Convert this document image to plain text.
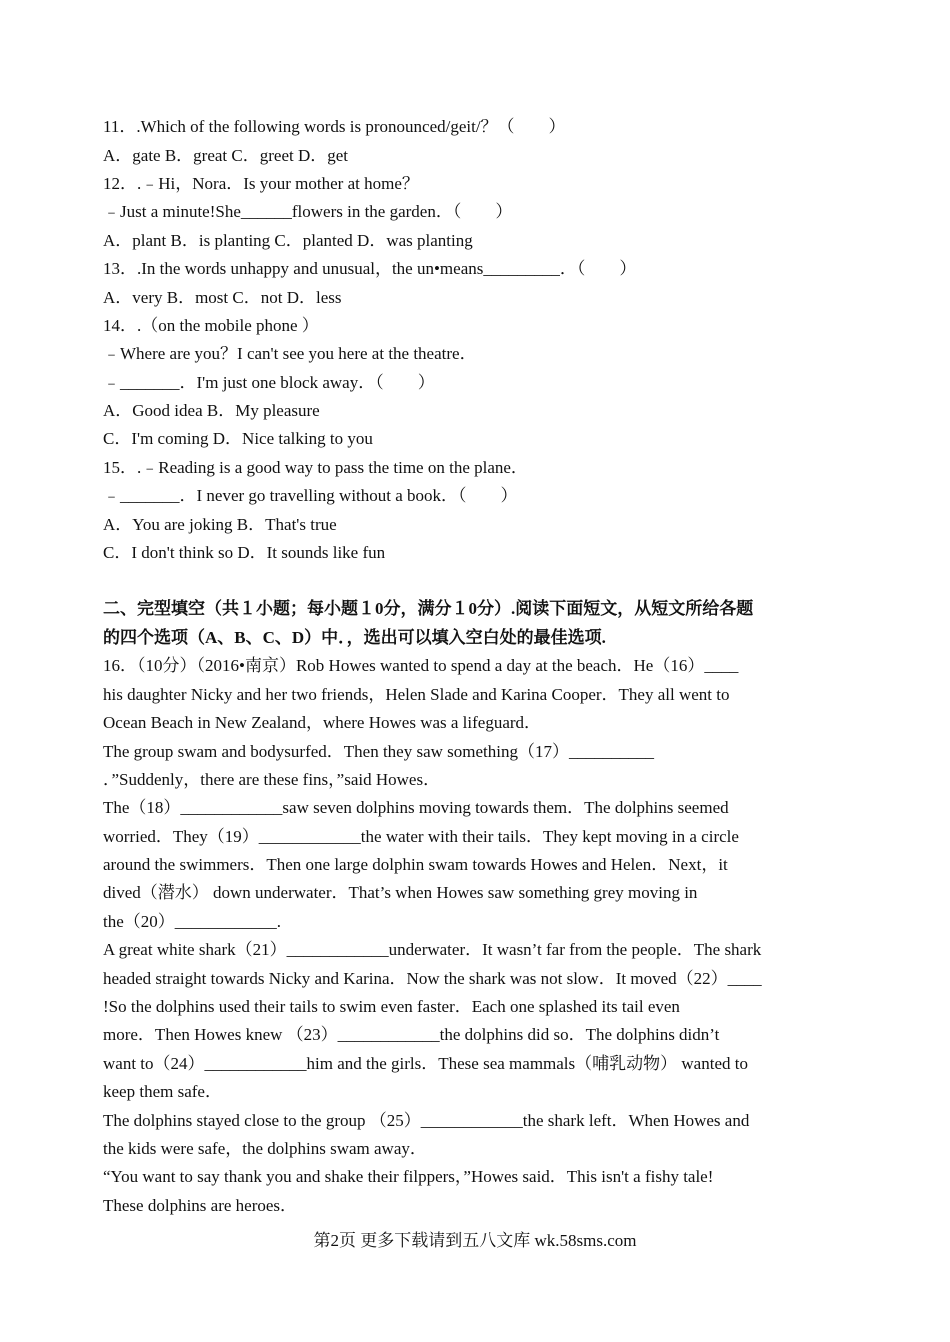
11．.Which of the following words is pronounced/geit/？（　　）
A．gate B．great C．greet D．get
12．.﹣Hi，Nora．Is your mother at home？
﹣Just a minute!She______flowers in the garden．（　　）
A．plant B．is planting C．planted D．was planting
13．.In the words unhappy and unusual，the un•means_________．（　　）
A．very B．most C．not D．less
14．.（on the mobile phone ）
﹣Where are you？I can't see you here at the theatre．
﹣_______．I'm just one block away．（　　）
A．Good idea B．My pleasure
C．I'm coming D．Nice talking to you
15．.﹣Reading is a good way to pass the time on the plane．
﹣_______．I never go travelling without a book．（　　）
A．You are joking B．That's true
C．I don't think so D．It sounds like fun
二、完型填空（共１小题；每小题１0分，满分１0分）.阅读下面短文，从短文所给各题
的四个选项（A、B、C、D）中．，选出可以填入空白处的最佳选项.
16．（10分）（2016•南京）Rob Howes wanted to spend a day at the beach．He（16）____
his daughter Nicky and her two friends，Helen Slade and Karina Cooper．They all went to
Ocean Beach in New Zealand，where Howes was a lifeguard．
The group swam and bodysurfed．Then they saw something（17）__________
．”Suddenly，there are these fins，”said Howes．
The（18）____________saw seven dolphins moving towards them．The dolphins seemed
worried．They（19）____________the water with their tails．They kept moving in a circle
around the swimmers．Then one large dolphin swam towards Howes and Helen．Next，it
dived（潜水） down underwater．That’s when Howes saw something grey moving in
the（20）____________.
A great white shark（21）____________underwater．It wasn’t far from the people．The shark
headed straight towards Nicky and Karina．Now the shark was not slow．It moved（22）____
!So the dolphins used their tails to swim even faster．Each one splashed its tail even
more．Then Howes knew （23）____________the dolphins did so．The dolphins didn’t
want to（24）____________him and the girls．These sea mammals（哺乳动物） wanted to
keep them safe．
The dolphins stayed close to the group （25）____________the shark left．When Howes and
the kids were safe，the dolphins swam away．
“You want to say thank you and shake their filppers，”Howes said．This isn't a fishy tale!
These dolphins are heroes．
第2页 更多下载请到五八文库 wk.58sms.com
